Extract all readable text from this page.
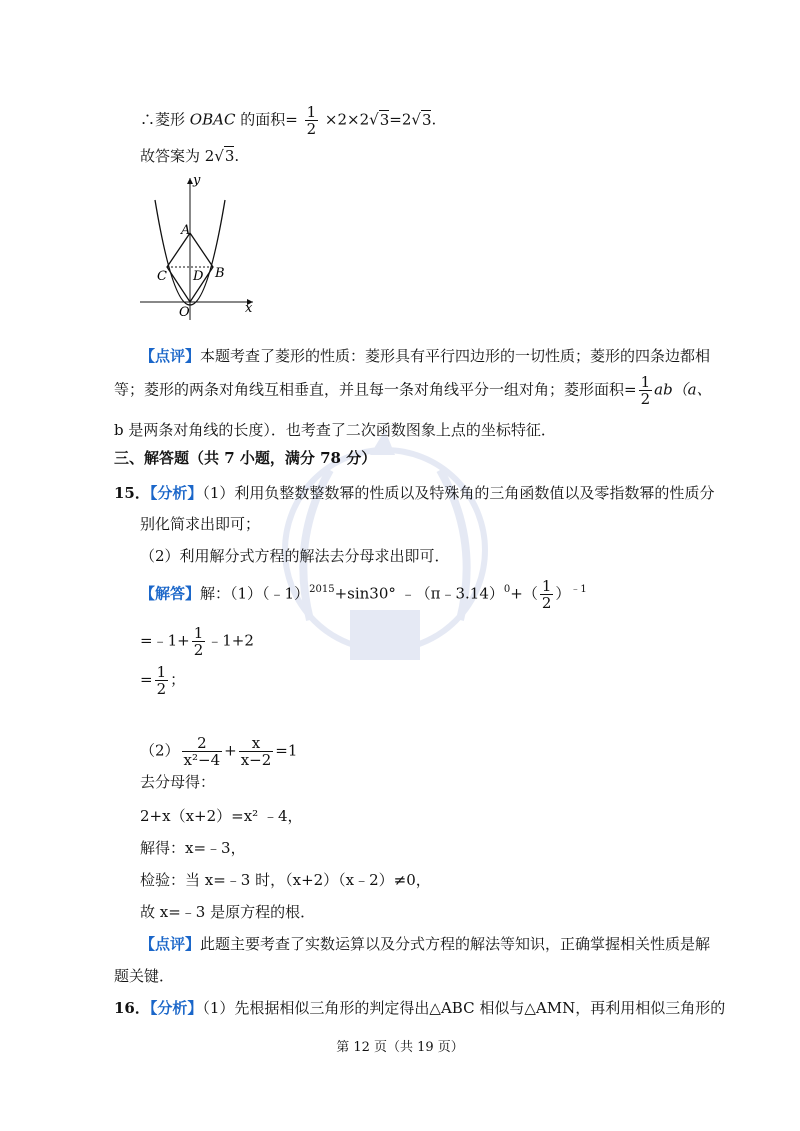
∴菱形 OBAC 的面积= $\frac{1}{2} \times 2\times 2√3=2√3$.
故答案为 2√3.
y
A
C D B
O	x
【点评】本题考查了菱形的性质：菱形具有平行四边形的一切性质；菱形的四条边都相
等；菱形的两条对角线互相垂直，并且每一条对角线平分一组对角；菱形面积= $\frac{1}{2} ab(a$、
b 是两条对角线的长度）．也考查了二次函数图象上点的坐标特征．
三、解答题（共 7 小题，满分 78 分）
15．【分析】（1）利用负整数整数幂的性质以及特殊角的三角函数值以及零指数幂的性质分
别化简求出即可；
（2）利用解分式方程的解法去分母求出即可．
【解答】解：（1）（﹣1）$^{2015}$+sin30° ﹣（π﹣3.14）$^0$+（ $\frac{1}{2} )^{﹣1}$
=﹣1+ $\frac{1}{2}$ ﹣1+2
= $\frac{1}{2}$ ；
$(2) \frac{2}{\text{x²−4}} + \frac{x}{x-2} =1$
去分母得：
2+x（x+2）=x² ﹣4，
解得：x=﹣3，
检验：当 x=﹣3 时，（x+2）（x﹣2）≠0，
故 x=﹣3 是原方程的根．
【点评】此题主要考查了实数运算以及分式方程的解法等知识，正确掌握相关性质是解
题关键．
16．【分析】（1）先根据相似三角形的判定得出△ABC 相似与△AMN，再利用相似三角形的
第 12 页（共 19 页）
